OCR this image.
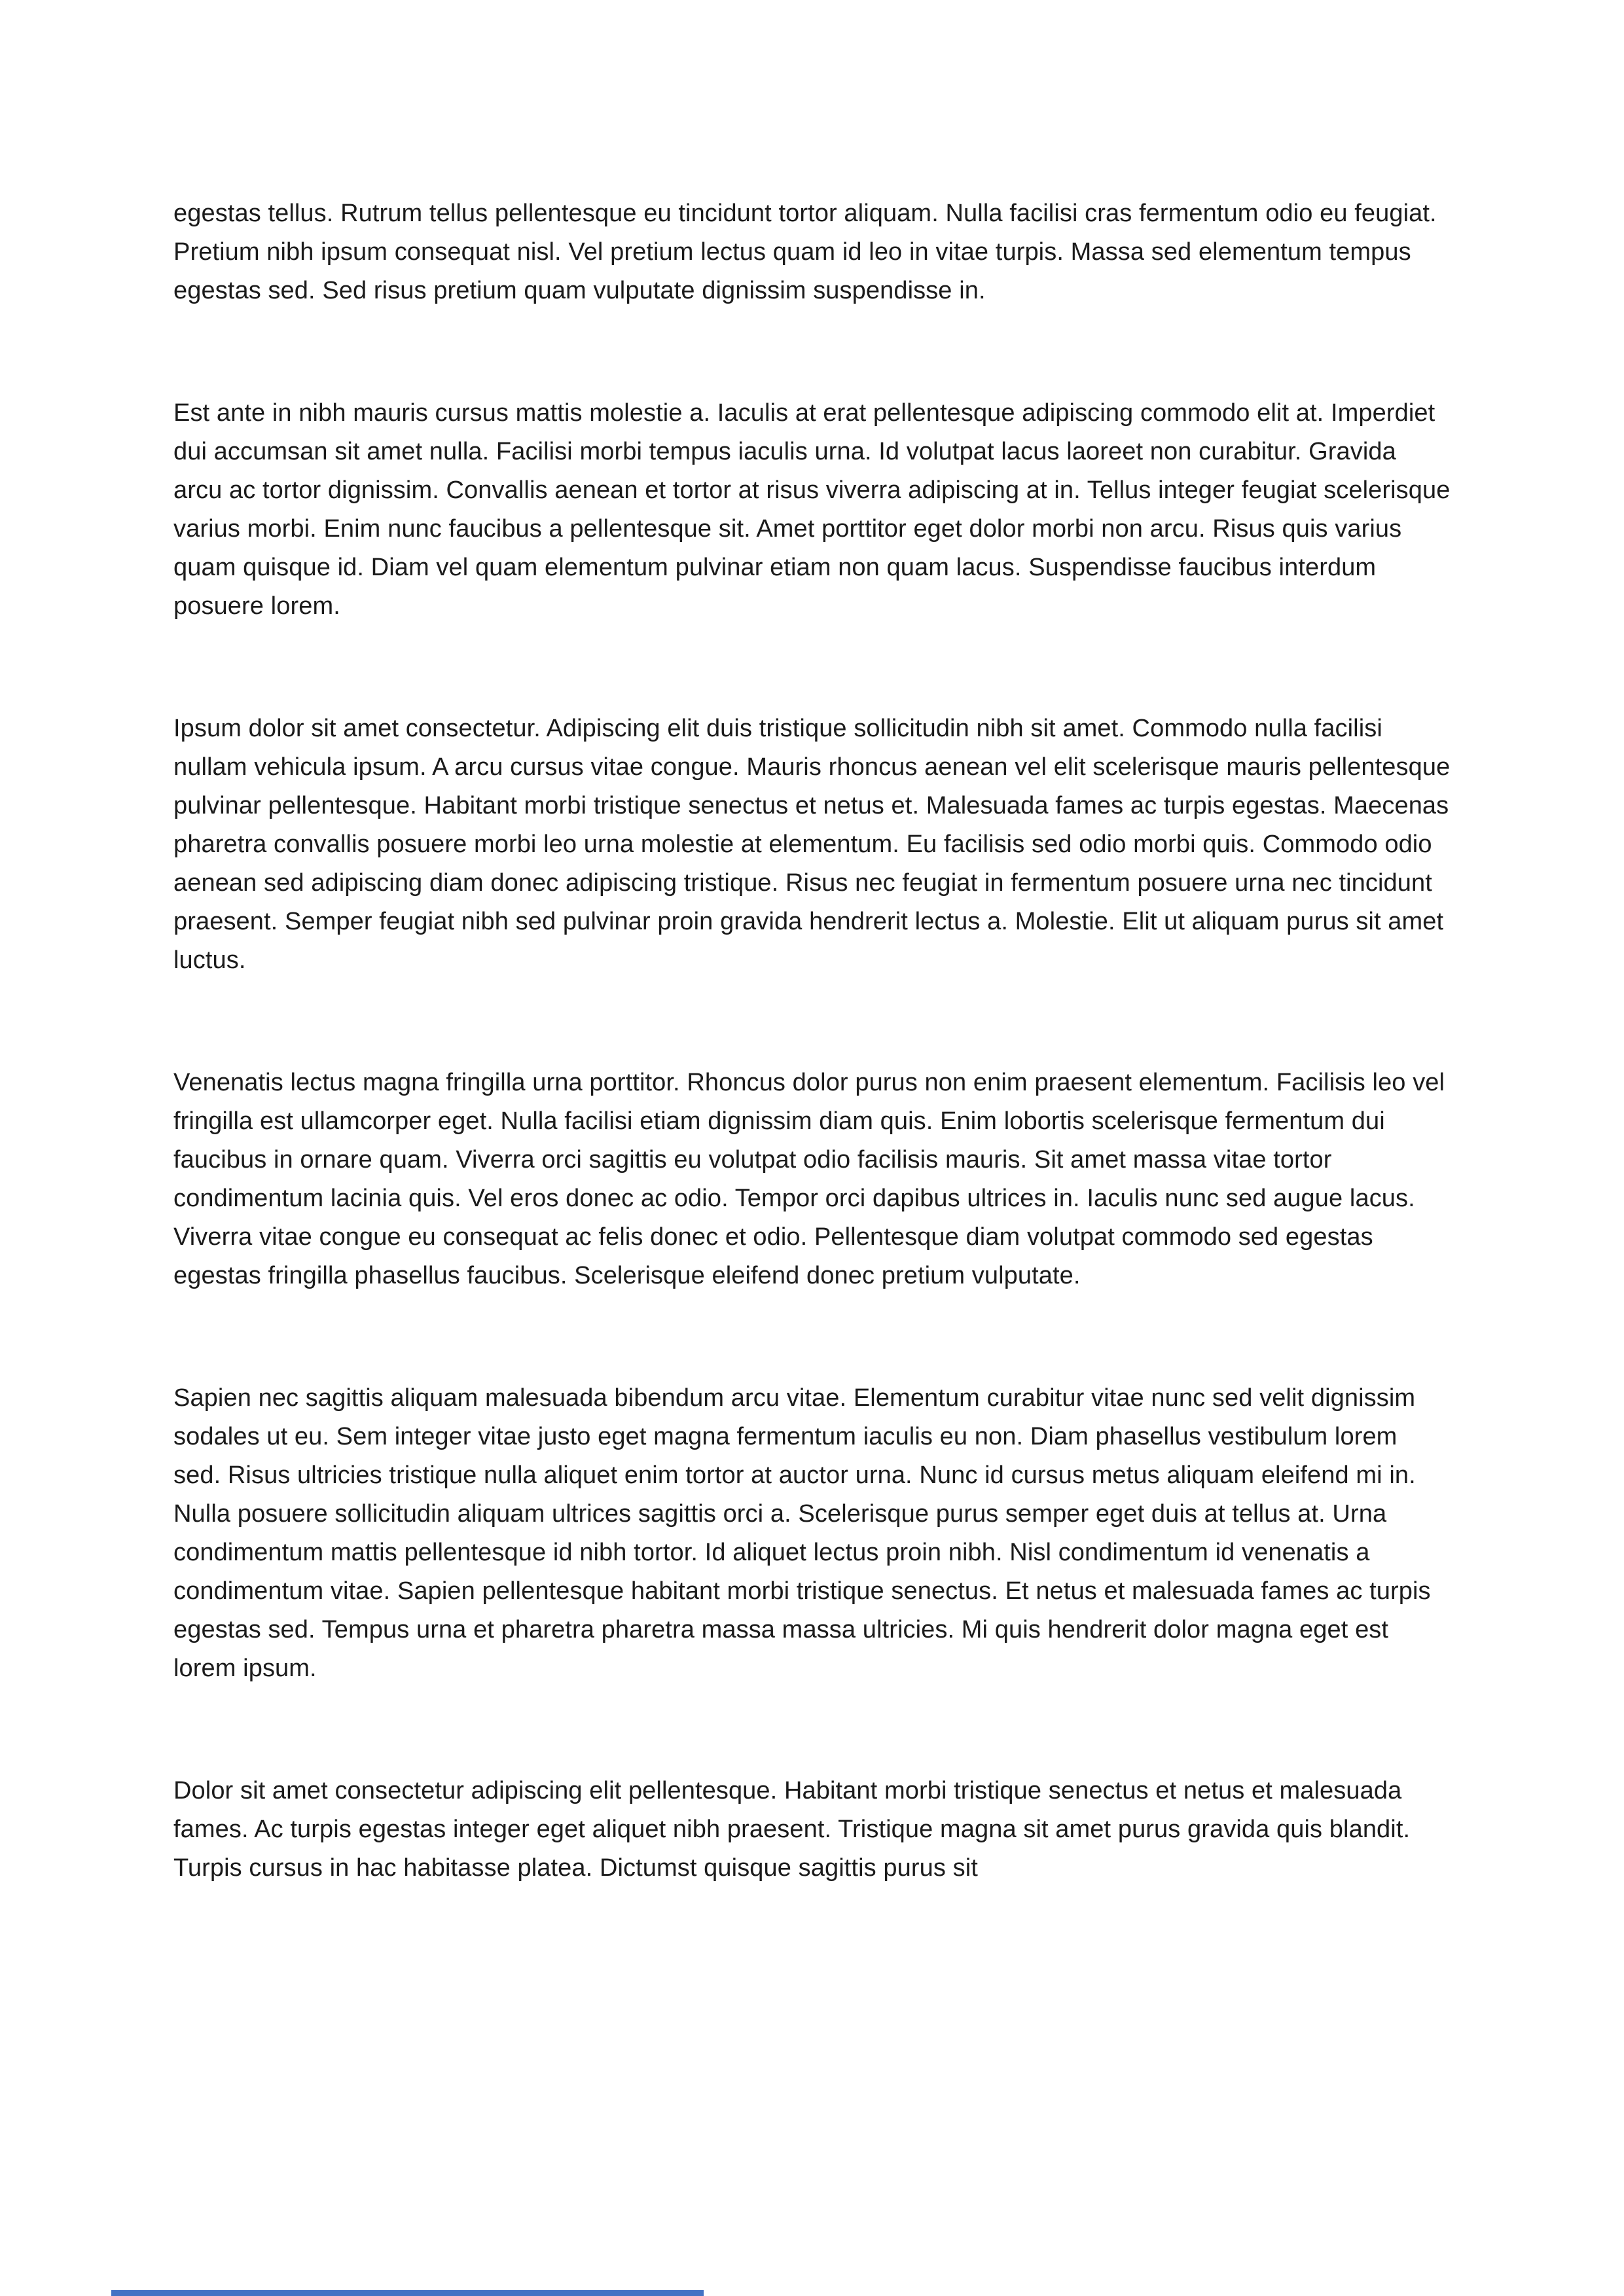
egestas tellus. Rutrum tellus pellentesque eu tincidunt tortor aliquam. Nulla facilisi cras fermentum odio eu feugiat. Pretium nibh ipsum consequat nisl. Vel pretium lectus quam id leo in vitae turpis. Massa sed elementum tempus egestas sed. Sed risus pretium quam vulputate dignissim suspendisse in.

Est ante in nibh mauris cursus mattis molestie a. Iaculis at erat pellentesque adipiscing commodo elit at. Imperdiet dui accumsan sit amet nulla. Facilisi morbi tempus iaculis urna. Id volutpat lacus laoreet non curabitur. Gravida arcu ac tortor dignissim. Convallis aenean et tortor at risus viverra adipiscing at in. Tellus integer feugiat scelerisque varius morbi. Enim nunc faucibus a pellentesque sit. Amet porttitor eget dolor morbi non arcu. Risus quis varius quam quisque id. Diam vel quam elementum pulvinar etiam non quam lacus. Suspendisse faucibus interdum posuere lorem.

Ipsum dolor sit amet consectetur. Adipiscing elit duis tristique sollicitudin nibh sit amet. Commodo nulla facilisi nullam vehicula ipsum. A arcu cursus vitae congue. Mauris rhoncus aenean vel elit scelerisque mauris pellentesque pulvinar pellentesque. Habitant morbi tristique senectus et netus et. Malesuada fames ac turpis egestas. Maecenas pharetra convallis posuere morbi leo urna molestie at elementum. Eu facilisis sed odio morbi quis. Commodo odio aenean sed adipiscing diam donec adipiscing tristique. Risus nec feugiat in fermentum posuere urna nec tincidunt praesent. Semper feugiat nibh sed pulvinar proin gravida hendrerit lectus a. Molestie. Elit ut aliquam purus sit amet luctus.

Venenatis lectus magna fringilla urna porttitor. Rhoncus dolor purus non enim praesent elementum. Facilisis leo vel fringilla est ullamcorper eget. Nulla facilisi etiam dignissim diam quis. Enim lobortis scelerisque fermentum dui faucibus in ornare quam. Viverra orci sagittis eu volutpat odio facilisis mauris. Sit amet massa vitae tortor condimentum lacinia quis. Vel eros donec ac odio. Tempor orci dapibus ultrices in. Iaculis nunc sed augue lacus. Viverra vitae congue eu consequat ac felis donec et odio. Pellentesque diam volutpat commodo sed egestas egestas fringilla phasellus faucibus. Scelerisque eleifend donec pretium vulputate.

Sapien nec sagittis aliquam malesuada bibendum arcu vitae. Elementum curabitur vitae nunc sed velit dignissim sodales ut eu. Sem integer vitae justo eget magna fermentum iaculis eu non. Diam phasellus vestibulum lorem sed. Risus ultricies tristique nulla aliquet enim tortor at auctor urna. Nunc id cursus metus aliquam eleifend mi in. Nulla posuere sollicitudin aliquam ultrices sagittis orci a. Scelerisque purus semper eget duis at tellus at. Urna condimentum mattis pellentesque id nibh tortor. Id aliquet lectus proin nibh. Nisl condimentum id venenatis a condimentum vitae. Sapien pellentesque habitant morbi tristique senectus. Et netus et malesuada fames ac turpis egestas sed. Tempus urna et pharetra pharetra massa massa ultricies. Mi quis hendrerit dolor magna eget est lorem ipsum.

Dolor sit amet consectetur adipiscing elit pellentesque. Habitant morbi tristique senectus et netus et malesuada fames. Ac turpis egestas integer eget aliquet nibh praesent. Tristique magna sit amet purus gravida quis blandit. Turpis cursus in hac habitasse platea. Dictumst quisque sagittis purus sit
